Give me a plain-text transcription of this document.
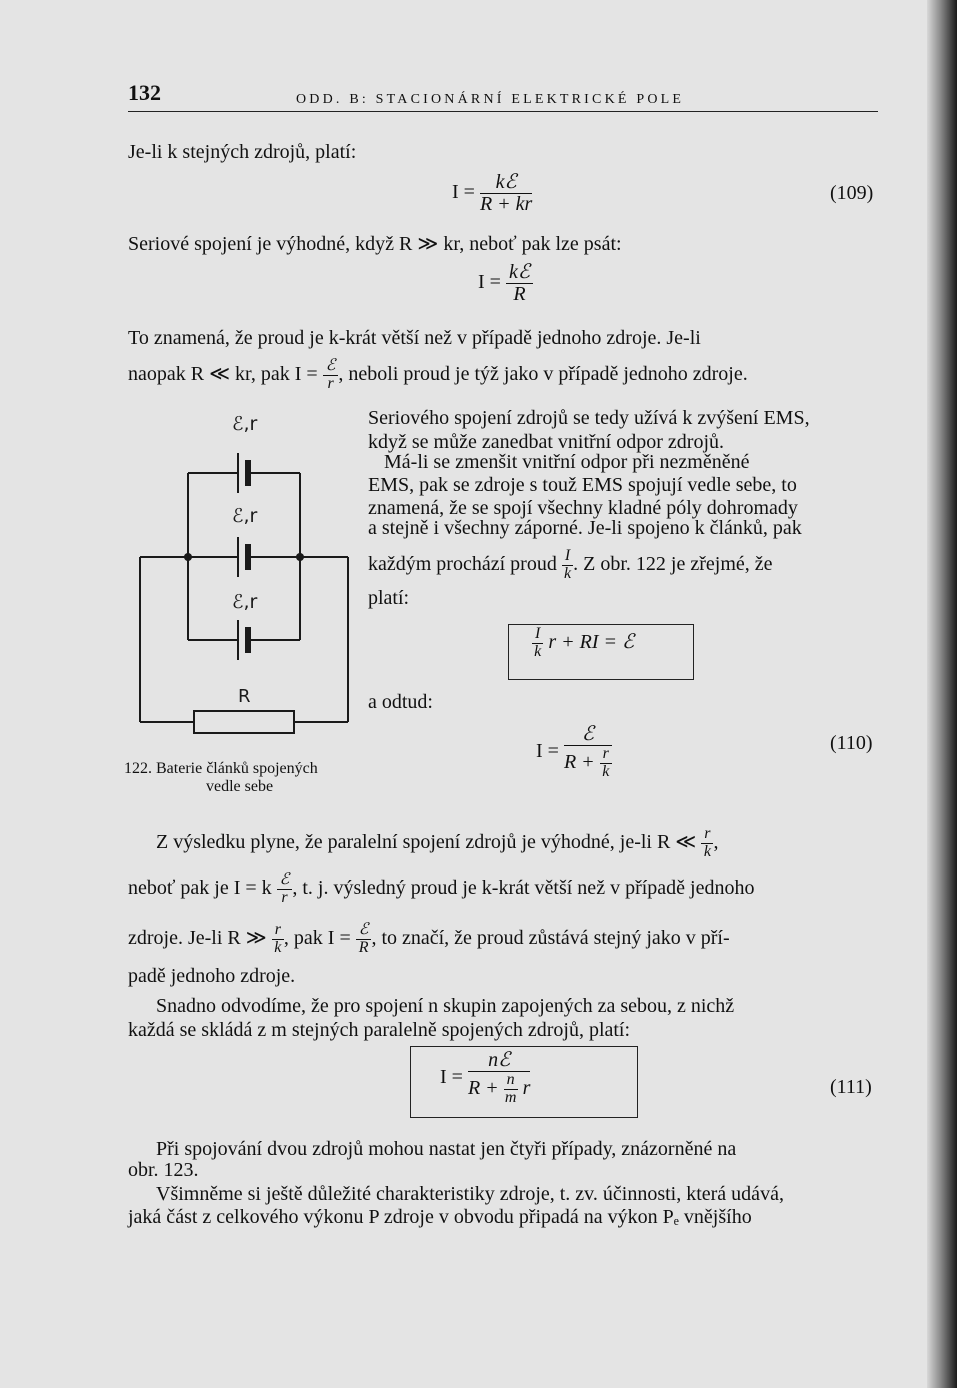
132	ODD. B: STACIONÁRNÍ ELEKTRICKÉ POLE
Je-li k stejných zdrojů, platí:
$I = \frac{\text{kℰ}}{R + kr}$	(109)
Seriové spojení je výhodné, když R ≫ kr, neboť pak lze psát:
$I = \frac{\text{kℰ}}{R}$
To znamená, že proud je k-krát větší než v případě jednoho zdroje. Je-li
naopak R ≪ kr, pak $I = \frac{\text{ℰ}}{r}$ , neboli proud je týž jako v případě jednoho zdroje.
Seriového spojení zdrojů se tedy užívá k zvýšení EMS,
když se může zanedbat vnitřní odpor zdrojů.
Má-li se zmenšit vnitřní odpor při nezměněné
EMS, pak se zdroje s touž EMS spojují vedle sebe, to
znamená, že se spojí všechny kladné póly dohromady
a stejně i všechny záporné. Je-li spojeno k článků, pak
každým prochází proud $\frac{I}{k}$ . Z obr. 122 je zřejmé, že
platí:
$\frac{I}{k}$ r + RI = ℰ
a odtud:
ℰ,r
ℰ,r
ℰ,r
R
122. Baterie článků spojených
vedle sebe
$I = \frac{\text{ℰ}}{R + \frac{r}{k}}$	(110)
Z výsledku plyne, že paralelní spojení zdrojů je výhodné, je-li R ≪ $\frac{r}{k}$ ,
neboť pak je I = k $\frac{\text{ℰ}}{r}$ , t. j. výsledný proud je k-krát větší než v případě jednoho
zdroje. Je-li R ≫ $\frac{r}{k}$ , pak $I = \frac{\text{ℰ}}{R}$ , to značí, že proud zůstává stejný jako v pří-
padě jednoho zdroje.
Snadno odvodíme, že pro spojení n skupin zapojených za sebou, z nichž
každá se skládá z m stejných paralelně spojených zdrojů, platí:
$I = \frac{\text{nℰ}}{R + \frac{n}{m} r}$	(111)
Při spojování dvou zdrojů mohou nastat jen čtyři případy, znázorněné na
obr. 123.
Všimněme si ještě důležité charakteristiky zdroje, t. zv. účinnosti, která udává,
jaká část z celkového výkonu P zdroje v obvodu připadá na výkon Pₑ vnějšího
